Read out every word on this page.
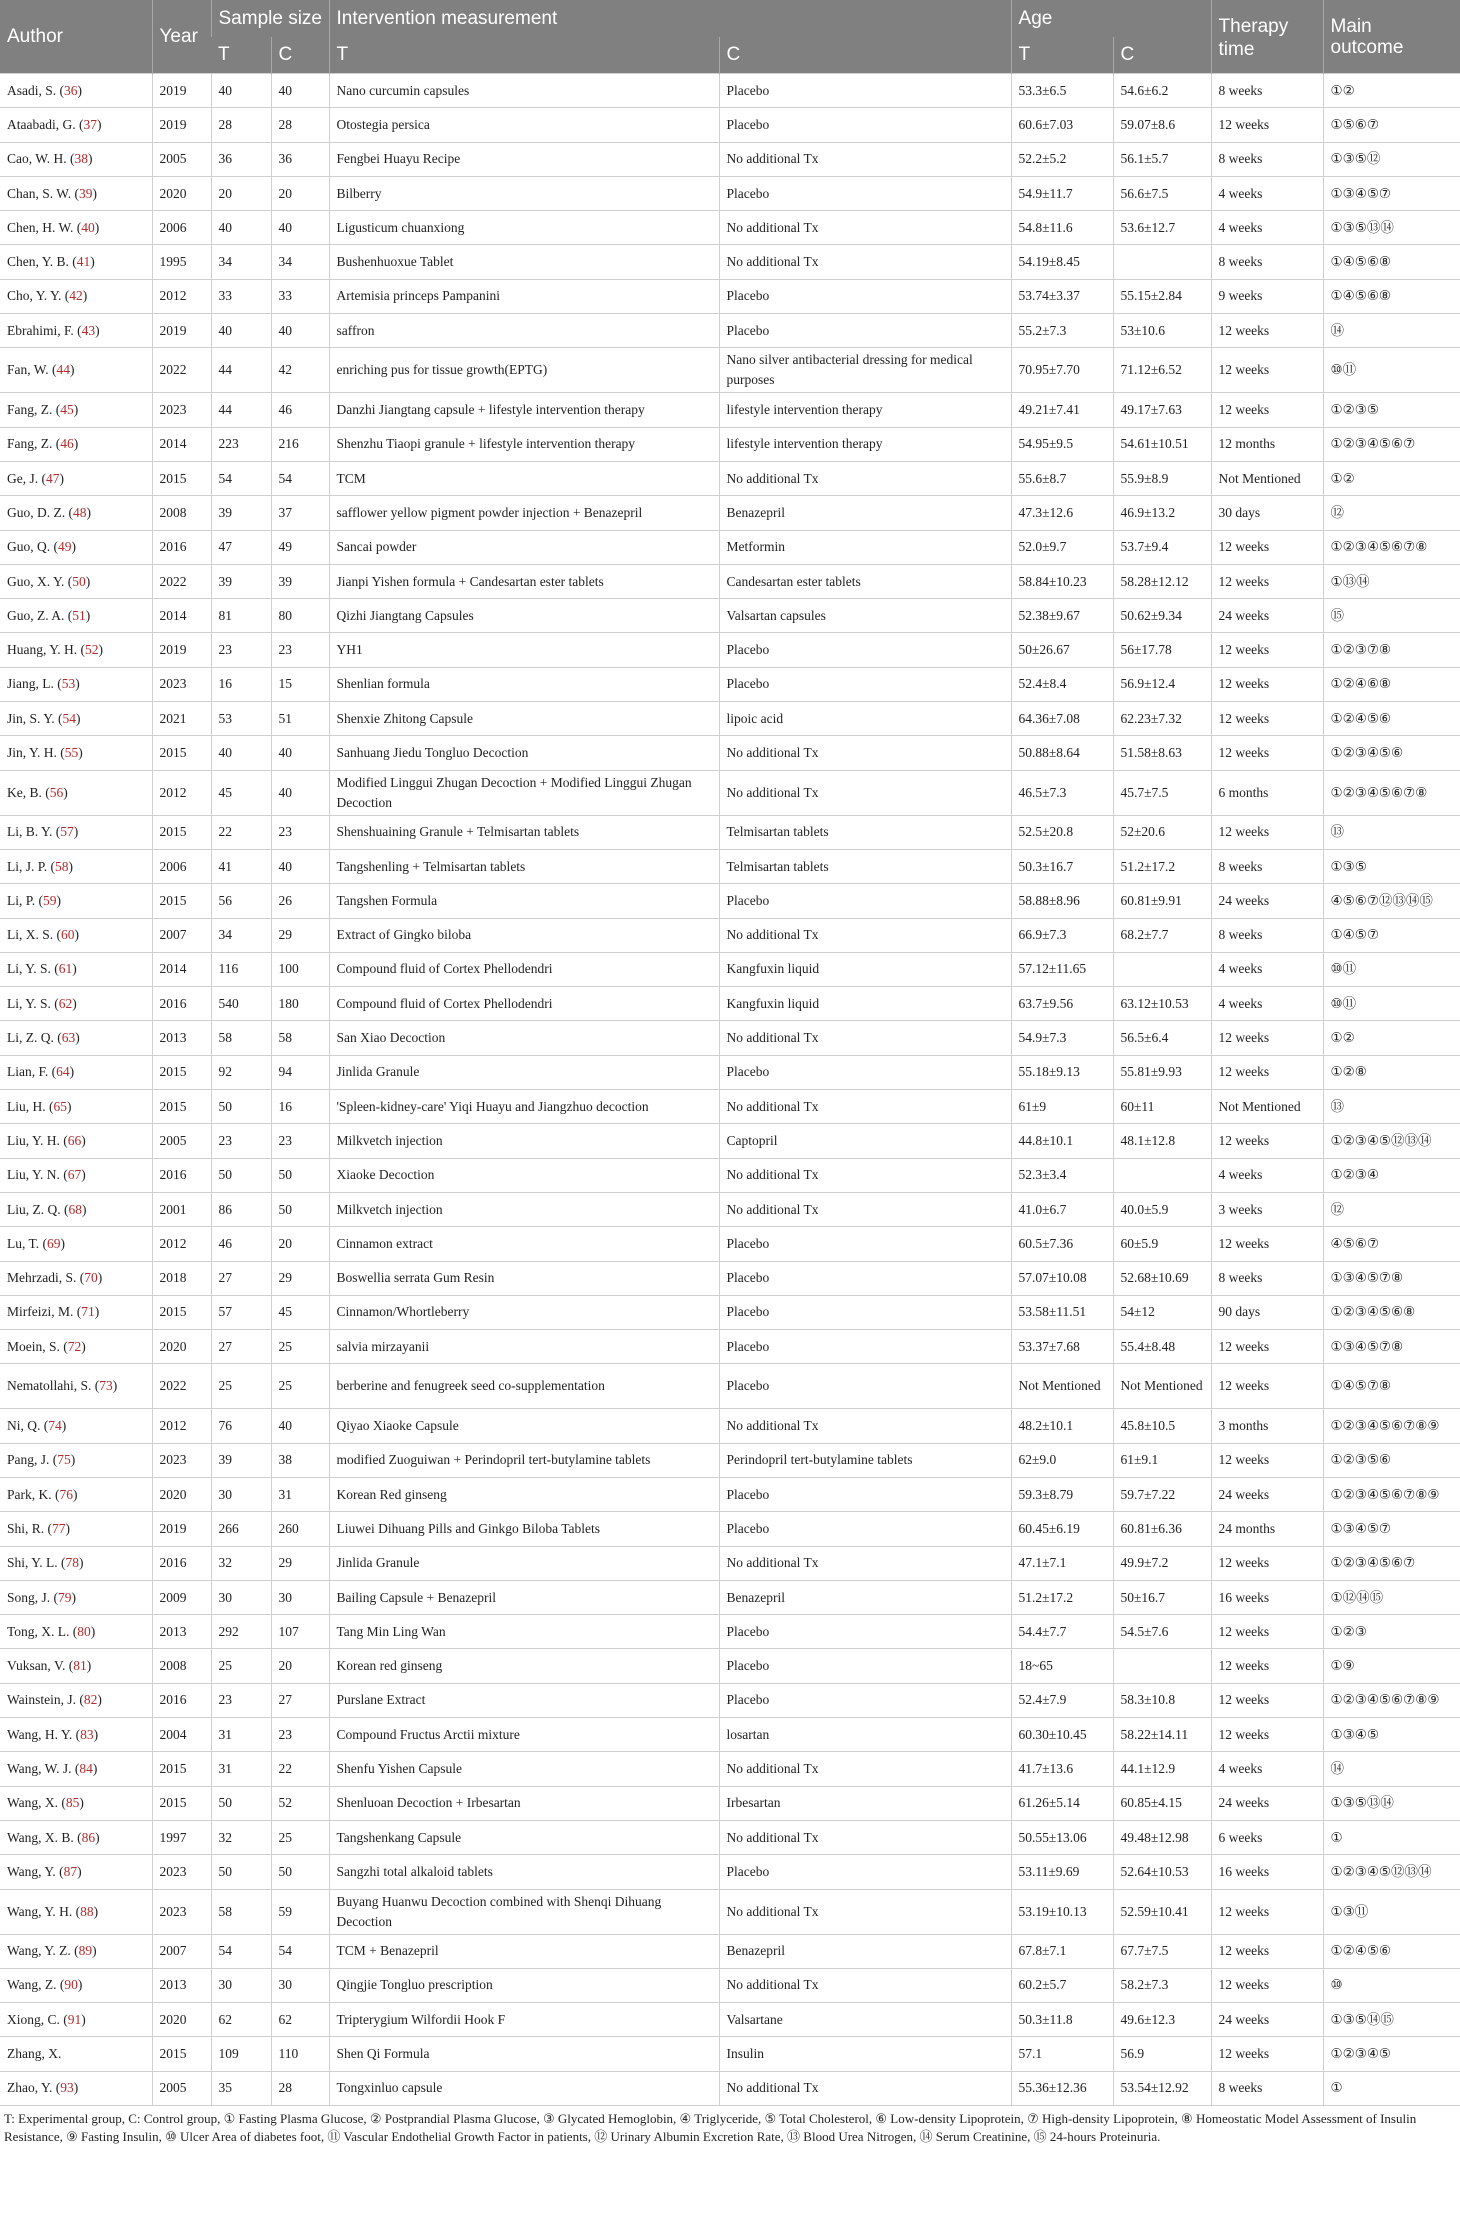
Author	Year	Sample size		Intervention measurement		Age		Therapy time	Main outcome
		T	C	T	C	T	C		
Asadi, S. (36)	2019	40	40	Nano curcumin capsules	Placebo	53.3±6.5	54.6±6.2	8 weeks	①②
Ataabadi, G. (37)	2019	28	28	Otostegia persica	Placebo	60.6±7.03	59.07±8.6	12 weeks	①⑤⑥⑦
Cao, W. H. (38)	2005	36	36	Fengbei Huayu Recipe	No additional Tx	52.2±5.2	56.1±5.7	8 weeks	①③⑤⑫
Chan, S. W. (39)	2020	20	20	Bilberry	Placebo	54.9±11.7	56.6±7.5	4 weeks	①③④⑤⑦
Chen, H. W. (40)	2006	40	40	Ligusticum chuanxiong	No additional Tx	54.8±11.6	53.6±12.7	4 weeks	①③⑤⑬⑭
Chen, Y. B. (41)	1995	34	34	Bushenhuoxue Tablet	No additional Tx	54.19±8.45		8 weeks	①④⑤⑥⑧
Cho, Y. Y. (42)	2012	33	33	Artemisia princeps Pampanini	Placebo	53.74±3.37	55.15±2.84	9 weeks	①④⑤⑥⑧
Ebrahimi, F. (43)	2019	40	40	saffron	Placebo	55.2±7.3	53±10.6	12 weeks	⑭
Fan, W. (44)	2022	44	42	enriching pus for tissue growth(EPTG)	Nano silver antibacterial dressing for medical purposes	70.95±7.70	71.12±6.52	12 weeks	⑩⑪
Fang, Z. (45)	2023	44	46	Danzhi Jiangtang capsule + lifestyle intervention therapy	lifestyle intervention therapy	49.21±7.41	49.17±7.63	12 weeks	①②③⑤
Fang, Z. (46)	2014	223	216	Shenzhu Tiaopi granule + lifestyle intervention therapy	lifestyle intervention therapy	54.95±9.5	54.61±10.51	12 months	①②③④⑤⑥⑦
Ge, J. (47)	2015	54	54	TCM	No additional Tx	55.6±8.7	55.9±8.9	Not Mentioned	①②
Guo, D. Z. (48)	2008	39	37	safflower yellow pigment powder injection + Benazepril	Benazepril	47.3±12.6	46.9±13.2	30 days	⑫
Guo, Q. (49)	2016	47	49	Sancai powder	Metformin	52.0±9.7	53.7±9.4	12 weeks	①②③④⑤⑥⑦⑧
Guo, X. Y. (50)	2022	39	39	Jianpi Yishen formula + Candesartan ester tablets	Candesartan ester tablets	58.84±10.23	58.28±12.12	12 weeks	①⑬⑭
Guo, Z. A. (51)	2014	81	80	Qizhi Jiangtang Capsules	Valsartan capsules	52.38±9.67	50.62±9.34	24 weeks	⑮
Huang, Y. H. (52)	2019	23	23	YH1	Placebo	50±26.67	56±17.78	12 weeks	①②③⑦⑧
Jiang, L. (53)	2023	16	15	Shenlian formula	Placebo	52.4±8.4	56.9±12.4	12 weeks	①②④⑥⑧
Jin, S. Y. (54)	2021	53	51	Shenxie Zhitong Capsule	lipoic acid	64.36±7.08	62.23±7.32	12 weeks	①②④⑤⑥
Jin, Y. H. (55)	2015	40	40	Sanhuang Jiedu Tongluo Decoction	No additional Tx	50.88±8.64	51.58±8.63	12 weeks	①②③④⑤⑥
Ke, B. (56)	2012	45	40	Modified Linggui Zhugan Decoction + Modified Linggui Zhugan Decoction	No additional Tx	46.5±7.3	45.7±7.5	6 months	①②③④⑤⑥⑦⑧
Li, B. Y. (57)	2015	22	23	Shenshuaining Granule + Telmisartan tablets	Telmisartan tablets	52.5±20.8	52±20.6	12 weeks	⑬
Li, J. P. (58)	2006	41	40	Tangshenling + Telmisartan tablets	Telmisartan tablets	50.3±16.7	51.2±17.2	8 weeks	①③⑤
Li, P. (59)	2015	56	26	Tangshen Formula	Placebo	58.88±8.96	60.81±9.91	24 weeks	④⑤⑥⑦⑫⑬⑭⑮
Li, X. S. (60)	2007	34	29	Extract of Gingko biloba	No additional Tx	66.9±7.3	68.2±7.7	8 weeks	①④⑤⑦
Li, Y. S. (61)	2014	116	100	Compound fluid of Cortex Phellodendri	Kangfuxin liquid	57.12±11.65		4 weeks	⑩⑪
Li, Y. S. (62)	2016	540	180	Compound fluid of Cortex Phellodendri	Kangfuxin liquid	63.7±9.56	63.12±10.53	4 weeks	⑩⑪
Li, Z. Q. (63)	2013	58	58	San Xiao Decoction	No additional Tx	54.9±7.3	56.5±6.4	12 weeks	①②
Lian, F. (64)	2015	92	94	Jinlida Granule	Placebo	55.18±9.13	55.81±9.93	12 weeks	①②⑧
Liu, H. (65)	2015	50	16	'Spleen-kidney-care' Yiqi Huayu and Jiangzhuo decoction	No additional Tx	61±9	60±11	Not Mentioned	⑬
Liu, Y. H. (66)	2005	23	23	Milkvetch injection	Captopril	44.8±10.1	48.1±12.8	12 weeks	①②③④⑤⑫⑬⑭
Liu, Y. N. (67)	2016	50	50	Xiaoke Decoction	No additional Tx	52.3±3.4		4 weeks	①②③④
Liu, Z. Q. (68)	2001	86	50	Milkvetch injection	No additional Tx	41.0±6.7	40.0±5.9	3 weeks	⑫
Lu, T. (69)	2012	46	20	Cinnamon extract	Placebo	60.5±7.36	60±5.9	12 weeks	④⑤⑥⑦
Mehrzadi, S. (70)	2018	27	29	Boswellia serrata Gum Resin	Placebo	57.07±10.08	52.68±10.69	8 weeks	①③④⑤⑦⑧
Mirfeizi, M. (71)	2015	57	45	Cinnamon/Whortleberry	Placebo	53.58±11.51	54±12	90 days	①②③④⑤⑥⑧
Moein, S. (72)	2020	27	25	salvia mirzayanii	Placebo	53.37±7.68	55.4±8.48	12 weeks	①③④⑤⑦⑧
Nematollahi, S. (73)	2022	25	25	berberine and fenugreek seed co-supplementation	Placebo	Not Mentioned	Not Mentioned	12 weeks	①④⑤⑦⑧
Ni, Q. (74)	2012	76	40	Qiyao Xiaoke Capsule	No additional Tx	48.2±10.1	45.8±10.5	3 months	①②③④⑤⑥⑦⑧⑨
Pang, J. (75)	2023	39	38	modified Zuoguiwan + Perindopril tert-butylamine tablets	Perindopril tert-butylamine tablets	62±9.0	61±9.1	12 weeks	①②③⑤⑥
Park, K. (76)	2020	30	31	Korean Red ginseng	Placebo	59.3±8.79	59.7±7.22	24 weeks	①②③④⑤⑥⑦⑧⑨
Shi, R. (77)	2019	266	260	Liuwei Dihuang Pills and Ginkgo Biloba Tablets	Placebo	60.45±6.19	60.81±6.36	24 months	①③④⑤⑦
Shi, Y. L. (78)	2016	32	29	Jinlida Granule	No additional Tx	47.1±7.1	49.9±7.2	12 weeks	①②③④⑤⑥⑦
Song, J. (79)	2009	30	30	Bailing Capsule + Benazepril	Benazepril	51.2±17.2	50±16.7	16 weeks	①⑫⑭⑮
Tong, X. L. (80)	2013	292	107	Tang Min Ling Wan	Placebo	54.4±7.7	54.5±7.6	12 weeks	①②③
Vuksan, V. (81)	2008	25	20	Korean red ginseng	Placebo	18~65		12 weeks	①⑨
Wainstein, J. (82)	2016	23	27	Purslane Extract	Placebo	52.4±7.9	58.3±10.8	12 weeks	①②③④⑤⑥⑦⑧⑨
Wang, H. Y. (83)	2004	31	23	Compound Fructus Arctii mixture	losartan	60.30±10.45	58.22±14.11	12 weeks	①③④⑤
Wang, W. J. (84)	2015	31	22	Shenfu Yishen Capsule	No additional Tx	41.7±13.6	44.1±12.9	4 weeks	⑭
Wang, X. (85)	2015	50	52	Shenluoan Decoction + Irbesartan	Irbesartan	61.26±5.14	60.85±4.15	24 weeks	①③⑤⑬⑭
Wang, X. B. (86)	1997	32	25	Tangshenkang Capsule	No additional Tx	50.55±13.06	49.48±12.98	6 weeks	①
Wang, Y. (87)	2023	50	50	Sangzhi total alkaloid tablets	Placebo	53.11±9.69	52.64±10.53	16 weeks	①②③④⑤⑫⑬⑭
Wang, Y. H. (88)	2023	58	59	Buyang Huanwu Decoction combined with Shenqi Dihuang Decoction	No additional Tx	53.19±10.13	52.59±10.41	12 weeks	①③⑪
Wang, Y. Z. (89)	2007	54	54	TCM + Benazepril	Benazepril	67.8±7.1	67.7±7.5	12 weeks	①②④⑤⑥
Wang, Z. (90)	2013	30	30	Qingjie Tongluo prescription	No additional Tx	60.2±5.7	58.2±7.3	12 weeks	⑩
Xiong, C. (91)	2020	62	62	Tripterygium Wilfordii Hook F	Valsartane	50.3±11.8	49.6±12.3	24 weeks	①③⑤⑭⑮
Zhang, X.	2015	109	110	Shen Qi Formula	Insulin	57.1	56.9	12 weeks	①②③④⑤
Zhao, Y. (93)	2005	35	28	Tongxinluo capsule	No additional Tx	55.36±12.36	53.54±12.92	8 weeks	①
T: Experimental group, C: Control group, ① Fasting Plasma Glucose, ② Postprandial Plasma Glucose, ③ Glycated Hemoglobin, ④ Triglyceride, ⑤ Total Cholesterol, ⑥ Low-density Lipoprotein, ⑦ High-density Lipoprotein, ⑧ Homeostatic Model Assessment of Insulin Resistance, ⑨ Fasting Insulin, ⑩ Ulcer Area of diabetes foot, ⑪ Vascular Endothelial Growth Factor in patients, ⑫ Urinary Albumin Excretion Rate, ⑬ Blood Urea Nitrogen, ⑭ Serum Creatinine, ⑮ 24-hours Proteinuria.									
